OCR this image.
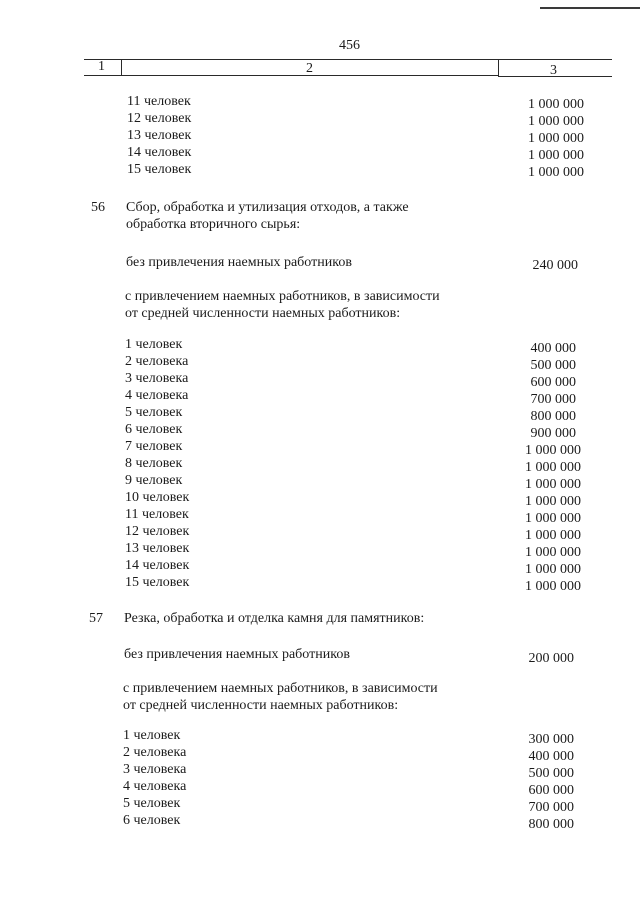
456
1	2	3
11 человек	1 000 000
12 человек	1 000 000
13 человек	1 000 000
14 человек	1 000 000
15 человек	1 000 000
56 Сбор, обработка и утилизация отходов, а также
обработка вторичного сырья:
без привлечения наемных работников	240 000
с привлечением наемных работников, в зависимости
от средней численности наемных работников:
1 человек	400 000
2 человека	500 000
3 человека	600 000
4 человека	700 000
5 человек	800 000
6 человек	900 000
7 человек	1 000 000
8 человек	1 000 000
9 человек	1 000 000
10 человек	1 000 000
11 человек	1 000 000
12 человек	1 000 000
13 человек	1 000 000
14 человек	1 000 000
15 человек	1 000 000
57 Резка, обработка и отделка камня для памятников:
без привлечения наемных работников	200 000
с привлечением наемных работников, в зависимости
от средней численности наемных работников:
1 человек	300 000
2 человека	400 000
3 человека	500 000
4 человека	600 000
5 человек	700 000
6 человек	800 000
